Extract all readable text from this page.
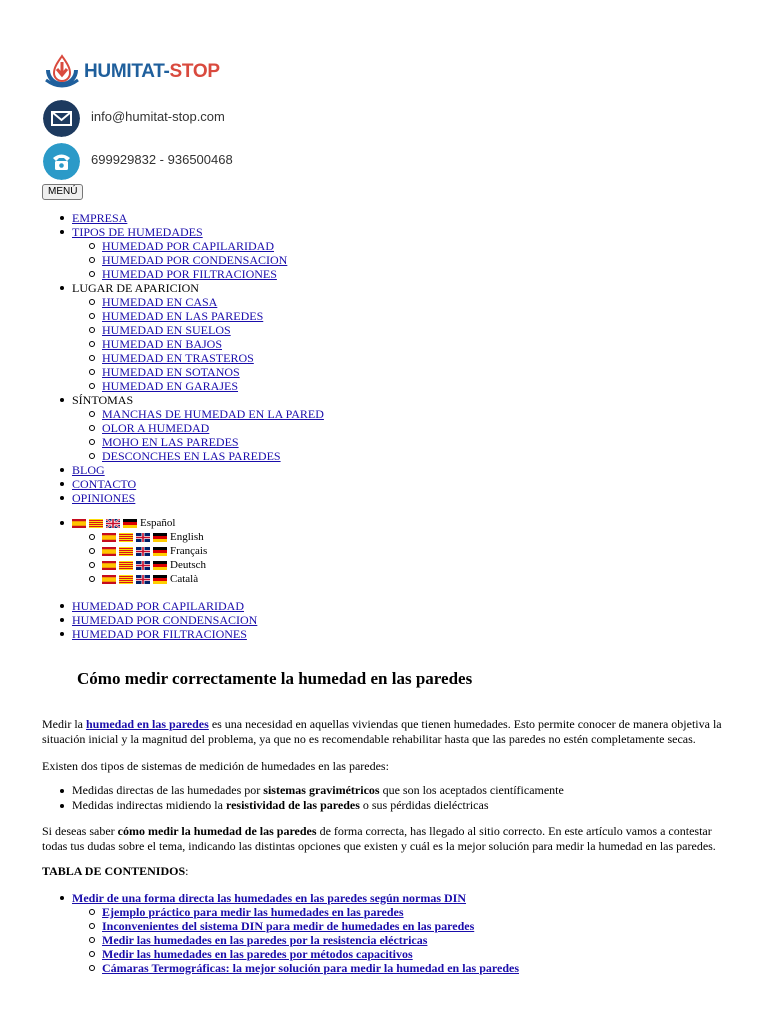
HUMITAT-STOP
info@humitat-stop.com
699929832 - 936500468
MENÚ
EMPRESA
TIPOS DE HUMEDADES
HUMEDAD POR CAPILARIDAD
HUMEDAD POR CONDENSACION
HUMEDAD POR FILTRACIONES
LUGAR DE APARICION
HUMEDAD EN CASA
HUMEDAD EN LAS PAREDES
HUMEDAD EN SUELOS
HUMEDAD EN BAJOS
HUMEDAD EN TRASTEROS
HUMEDAD EN SOTANOS
HUMEDAD EN GARAJES
SÍNTOMAS
MANCHAS DE HUMEDAD EN LA PARED
OLOR A HUMEDAD
MOHO EN LAS PAREDES
DESCONCHES EN LAS PAREDES
BLOG
CONTACTO
OPINIONES
Español
English
Français
Deutsch
Català
HUMEDAD POR CAPILARIDAD
HUMEDAD POR CONDENSACION
HUMEDAD POR FILTRACIONES
Cómo medir correctamente la humedad en las paredes

Medir la humedad en las paredes es una necesidad en aquellas viviendas que tienen humedades. Esto permite conocer de manera objetiva la situación inicial y la magnitud del problema, ya que no es recomendable rehabilitar hasta que las paredes no estén completamente secas.

Existen dos tipos de sistemas de medición de humedades en las paredes:

Medidas directas de las humedades por sistemas gravimétricos que son los aceptados científicamente
Medidas indirectas midiendo la resistividad de las paredes o sus pérdidas dieléctricas

Si deseas saber cómo medir la humedad de las paredes de forma correcta, has llegado al sitio correcto. En este artículo vamos a contestar todas tus dudas sobre el tema, indicando las distintas opciones que existen y cuál es la mejor solución para medir la humedad en las paredes.

TABLA DE CONTENIDOS:
Medir de una forma directa las humedades en las paredes según normas DIN
Ejemplo práctico para medir las humedades en las paredes
Inconvenientes del sistema DIN para medir de humedades en las paredes
Medir las humedades en las paredes por la resistencia eléctricas
Medir las humedades en las paredes por métodos capacitivos
Cámaras Termográficas: la mejor solución para medir la humedad en las paredes
